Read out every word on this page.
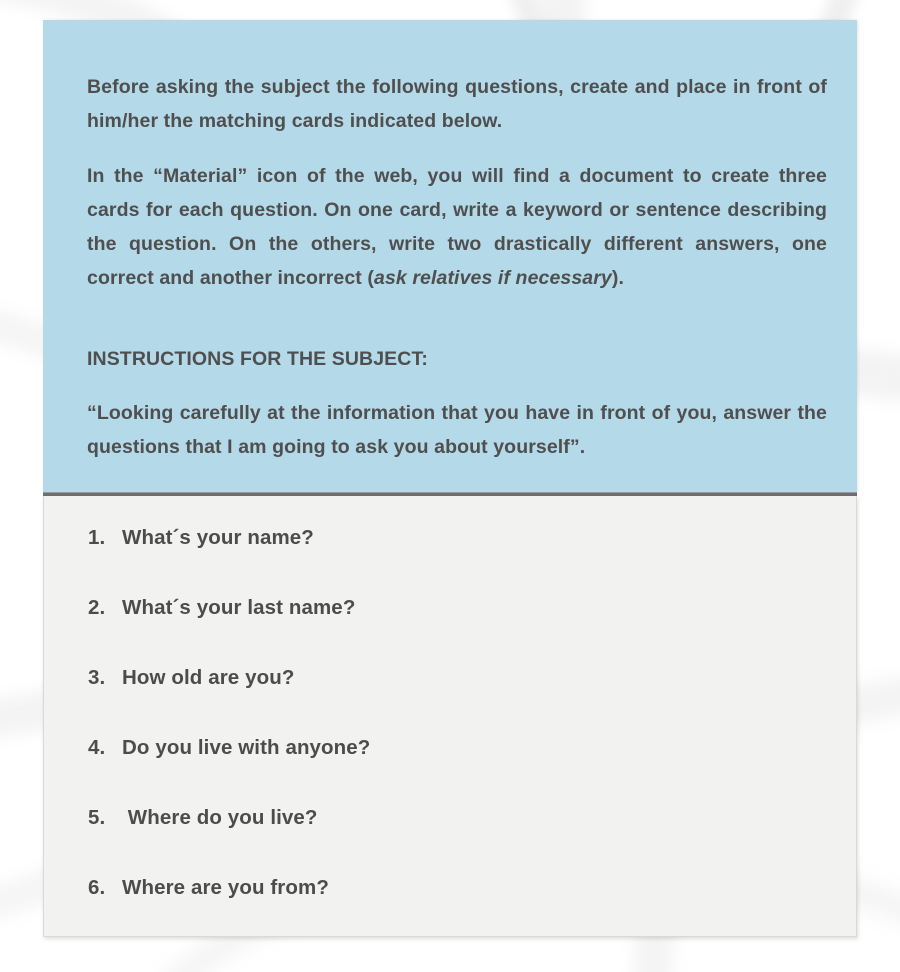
Before asking the subject the following questions, create and place in front of him/her the matching cards indicated below.

In the “Material” icon of the web, you will find a document to create three cards for each question. On one card, write a keyword or sentence describing the question. On the others, write two drastically different answers, one correct and another incorrect (ask relatives if necessary).

INSTRUCTIONS FOR THE SUBJECT:

“Looking carefully at the information that you have in front of you, answer the questions that I am going to ask you about yourself”.

1. What´s your name?
2. What´s your last name?
3. How old are you?
4. Do you live with anyone?
5. Where do you live?
6. Where are you from?
